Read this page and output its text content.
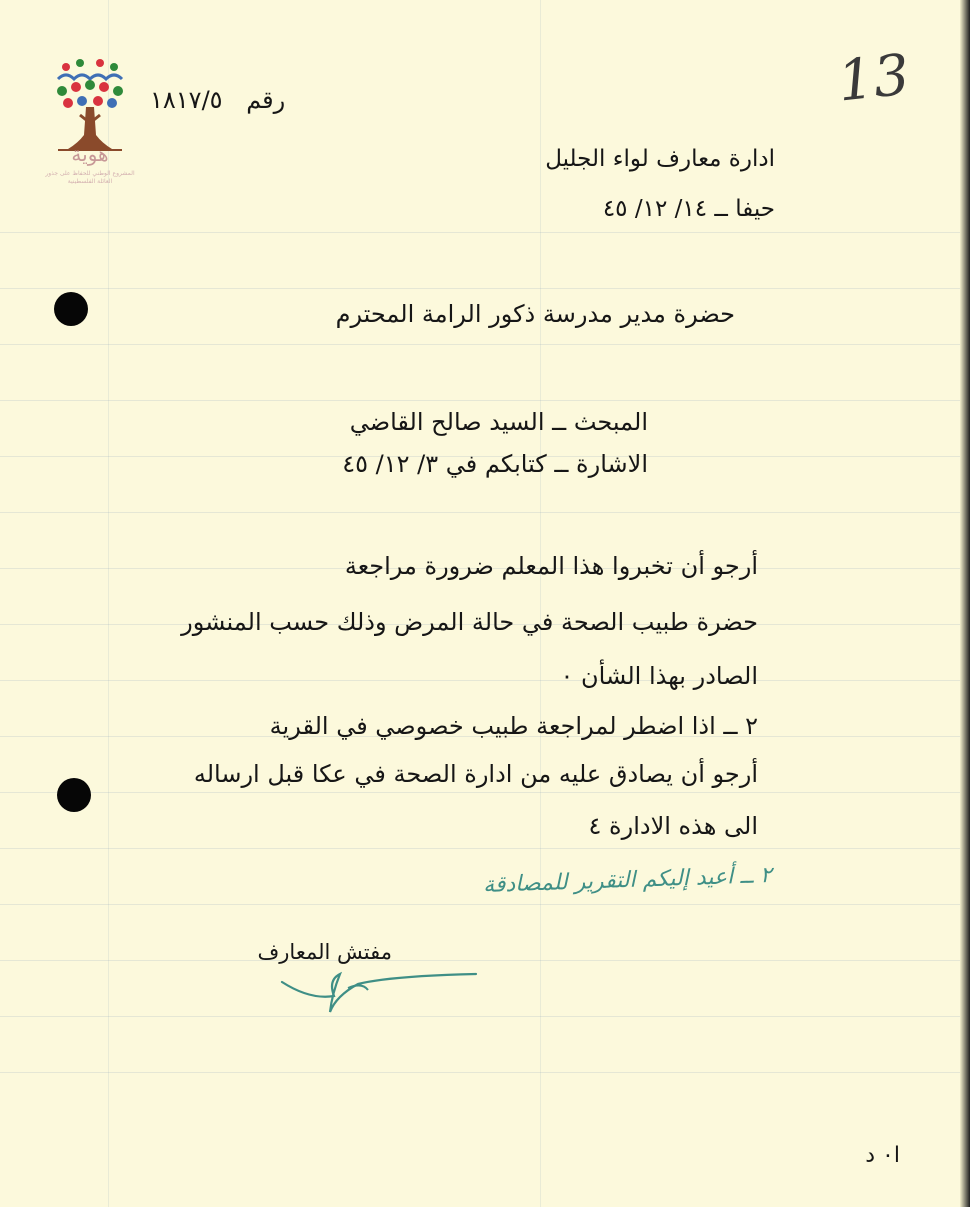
هوية
المشروع الوطني للحفاظ على جذور العائلة الفلسطينية
13
رقم ١٨١٧/٥
ادارة معارف لواء الجليل
حيفا ــ ١٤/ ١٢/ ٤٥
حضرة مدير مدرسة ذكور الرامة المحترم
المبحث ــ السيد صالح القاضي
الاشارة ــ كتابكم في ٣/ ١٢/ ٤٥
أرجو أن تخبروا هذا المعلم ضرورة مراجعة
حضرة طبيب الصحة في حالة المرض وذلك حسب المنشور
الصادر بهذا الشأن ٠
٢ ــ اذا اضطر لمراجعة طبيب خصوصي في القرية
أرجو أن يصادق عليه من ادارة الصحة في عكا قبل ارساله
الى هذه الادارة ٤
٢ ــ أعيد إليكم التقرير للمصادقة
مفتش المعارف
ا٠ د
